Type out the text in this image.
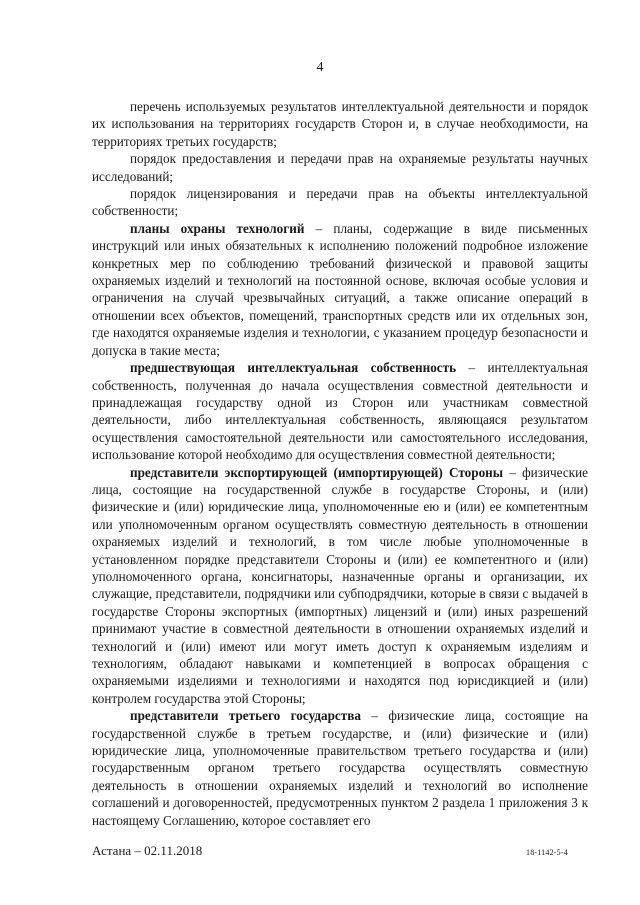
4

перечень используемых результатов интеллектуальной деятельности и порядок их использования на территориях государств Сторон и, в случае необходимости, на территориях третьих государств;

порядок предоставления и передачи прав на охраняемые результаты научных исследований;

порядок лицензирования и передачи прав на объекты интеллектуальной собственности;

планы охраны технологий – планы, содержащие в виде письменных инструкций или иных обязательных к исполнению положений подробное изложение конкретных мер по соблюдению требований физической и правовой защиты охраняемых изделий и технологий на постоянной основе, включая особые условия и ограничения на случай чрезвычайных ситуаций, а также описание операций в отношении всех объектов, помещений, транспортных средств или их отдельных зон, где находятся охраняемые изделия и технологии, с указанием процедур безопасности и допуска в такие места;

предшествующая интеллектуальная собственность – интеллектуальная собственность, полученная до начала осуществления совместной деятельности и принадлежащая государству одной из Сторон или участникам совместной деятельности, либо интеллектуальная собственность, являющаяся результатом осуществления самостоятельной деятельности или самостоятельного исследования, использование которой необходимо для осуществления совместной деятельности;

представители экспортирующей (импортирующей) Стороны – физические лица, состоящие на государственной службе в государстве Стороны, и (или) физические и (или) юридические лица, уполномоченные ею и (или) ее компетентным или уполномоченным органом осуществлять совместную деятельность в отношении охраняемых изделий и технологий, в том числе любые уполномоченные в установленном порядке представители Стороны и (или) ее компетентного и (или) уполномоченного органа, консигнаторы, назначенные органы и организации, их служащие, представители, подрядчики или субподрядчики, которые в связи с выдачей в государстве Стороны экспортных (импортных) лицензий и (или) иных разрешений принимают участие в совместной деятельности в отношении охраняемых изделий и технологий и (или) имеют или могут иметь доступ к охраняемым изделиям и технологиям, обладают навыками и компетенцией в вопросах обращения с охраняемыми изделиями и технологиями и находятся под юрисдикцией и (или) контролем государства этой Стороны;

представители третьего государства – физические лица, состоящие на государственной службе в третьем государстве, и (или) физические и (или) юридические лица, уполномоченные правительством третьего государства и (или) государственным органом третьего государства осуществлять совместную деятельность в отношении охраняемых изделий и технологий во исполнение соглашений и договоренностей, предусмотренных пунктом 2 раздела 1 приложения 3 к настоящему Соглашению, которое составляет его

Астана – 02.11.2018	18-1142-5-4
